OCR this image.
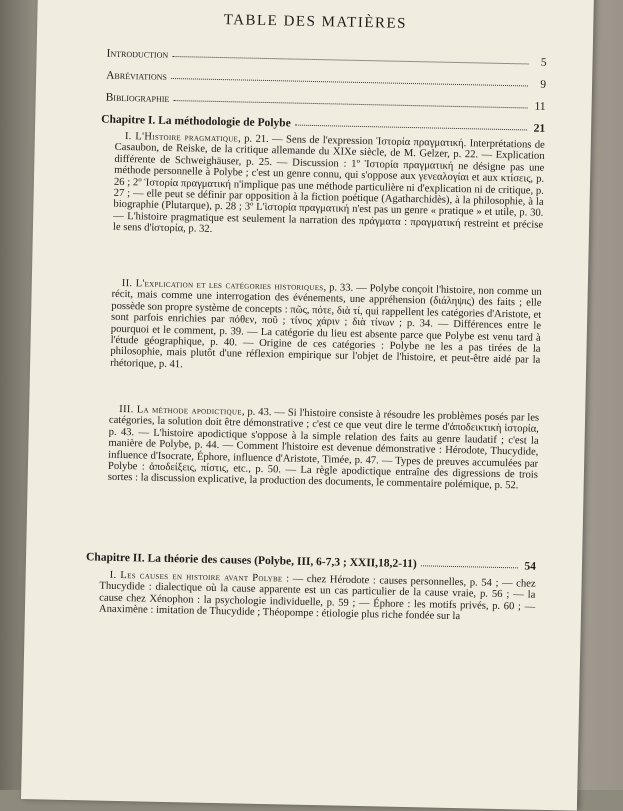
TABLE DES MATIÈRES
Introduction
5
Abréviations
9
Bibliographie
11
Chapitre I. La méthodologie de Polybe	21
I. L'Histoire pragmatique, p. 21. — Sens de l'expression Ἱστορία πραγματική. Interprétations de Casaubon, de Reiske, de la critique allemande du XIXe siècle, de M. Gelzer, p. 22. — Explication différente de Schweighäuser, p. 25. — Discussion : 1º Ἱστορία πραγματική ne désigne pas une méthode personnelle à Polybe ; c'est un genre connu, qui s'oppose aux γενεαλογίαι et aux κτίσεις, p. 26 ; 2º Ἱστορία πραγματική n'implique pas une méthode particulière ni d'explication ni de critique, p. 27 ; — elle peut se définir par opposition à la fiction poétique (Agatharchidès), à la philosophie, à la biographie (Plutarque), p. 28 ; 3º L'ἱστορία πραγματική n'est pas un genre « pratique » et utile, p. 30. — L'histoire pragmatique est seulement la narration des πράγματα : πραγματική restreint et précise le sens d'ἱστορία, p. 32.
II. L'explication et les catégories historiques, p. 33. — Polybe conçoit l'histoire, non comme un récit, mais comme une interrogation des événements, une appréhension (διάληψις) des faits ; elle possède son propre système de concepts : πῶς, πότε, διὰ τί, qui rappellent les catégories d'Aristote, et sont parfois enrichies par πόθεν, ποῦ ; τίνος χάριν ; διὰ τίνων ; p. 34. — Différences entre le pourquoi et le comment, p. 39. — La catégorie du lieu est absente parce que Polybe est venu tard à l'étude géographique, p. 40. — Origine de ces catégories : Polybe ne les a pas tirées de la philosophie, mais plutôt d'une réflexion empirique sur l'objet de l'histoire, et peut-être aidé par la rhétorique, p. 41.
III. La méthode apodictique, p. 43. — Si l'histoire consiste à résoudre les problèmes posés par les catégories, la solution doit être démonstrative ; c'est ce que veut dire le terme d'ἀποδεικτικὴ ἱστορία, p. 43. — L'histoire apodictique s'oppose à la simple relation des faits au genre laudatif ; c'est la manière de Polybe, p. 44. — Comment l'histoire est devenue démonstrative : Hérodote, Thucydide, influence d'Isocrate, Éphore, influence d'Aristote, Timée, p. 47. — Types de preuves accumulées par Polybe : ἀποδείξεις, πίστις, etc., p. 50. — La règle apodictique entraîne des digressions de trois sortes : la discussion explicative, la production des documents, le commentaire polémique, p. 52.
Chapitre II. La théorie des causes (Polybe, III, 6-7,3 ; XXII,18,2-11)	54
I. Les causes en histoire avant Polybe : — chez Hérodote : causes personnelles, p. 54 ; — chez Thucydide : dialectique où la cause apparente est un cas particulier de la cause vraie, p. 56 ; — la cause chez Xénophon : la psychologie individuelle, p. 59 ; — Éphore : les motifs privés, p. 60 ; — Anaximène : imitation de Thucydide ; Théopompe : étiologie plus riche fondée sur la
